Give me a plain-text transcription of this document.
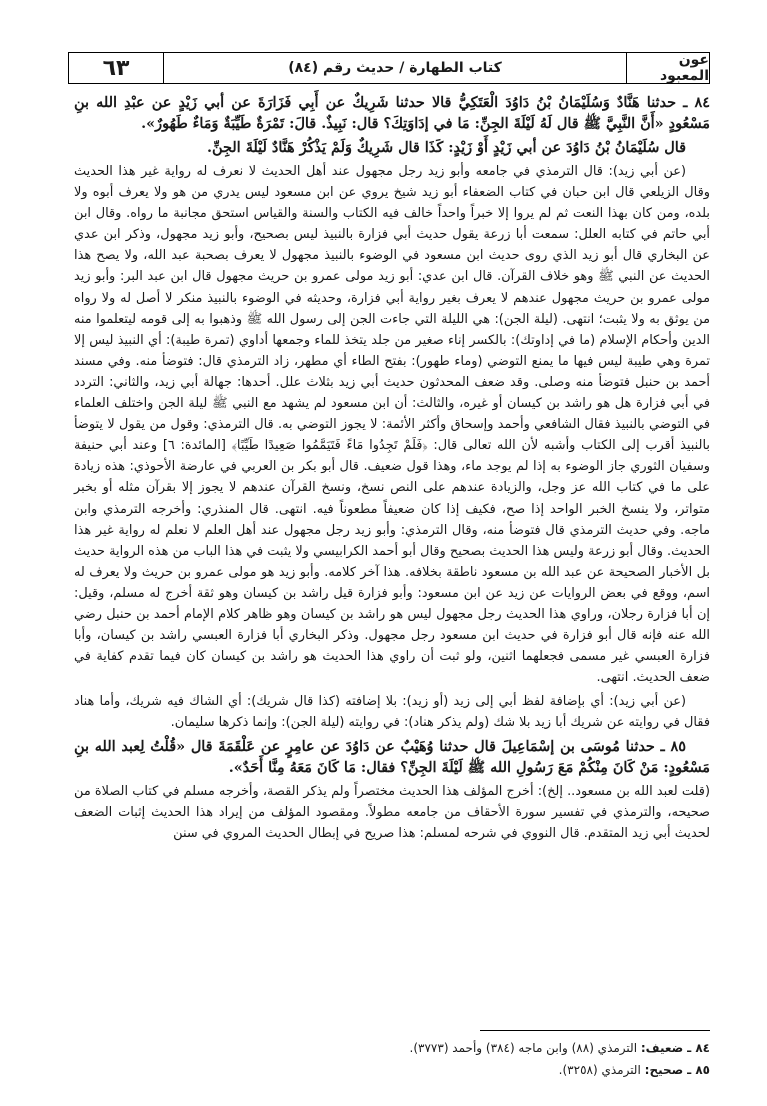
عون المعبود
كتاب الطهارة / حديث رقم (٨٤)
٦٣

٨٤ ـ حدثنا هَنَّادٌ وَسُلَيْمَانُ بْنُ دَاوُدَ الْعَتَكِيُّ قالا حدثنا شَرِيكٌ عن أَبِي فَزَارَةَ عن أبي زَيْدٍ عن عبْدِ الله بنِ مَسْعُودٍ «أَنَّ النَّبِيَّ ﷺ قال لَهُ لَيْلَةَ الجِنِّ: مَا في إدَاوَتِكَ؟ قال: نَبِيذٌ. قالَ: تَمْرَةٌ طَيِّبَةٌ وَمَاءٌ طَهُورٌ».

قال سُلَيْمَانُ بْنُ دَاوُدَ عن أبي زَيْدٍ أَوْ زَيْدٍ: كَذَا قال شَرِيكٌ وَلَمْ يَذْكُرْ هَنَّادٌ لَيْلَةَ الجِنِّ.

(عن أبي زيد): قال الترمذي في جامعه وأبو زيد رجل مجهول عند أهل الحديث لا نعرف له رواية غير هذا الحديث وقال الزيلعي قال ابن حبان في كتاب الضعفاء أبو زيد شيخ يروي عن ابن مسعود ليس يدري من هو ولا يعرف أبوه ولا بلده، ومن كان بهذا النعت ثم لم يروا إلا خبراً واحداً خالف فيه الكتاب والسنة والقياس استحق مجانبة ما رواه. وقال ابن أبي حاتم في كتابه العلل: سمعت أبا زرعة يقول حديث أبي فزارة بالنبيذ ليس بصحيح، وأبو زيد مجهول، وذكر ابن عدي عن البخاري قال أبو زيد الذي روى حديث ابن مسعود في الوضوء بالنبيذ مجهول لا يعرف بصحبة عبد الله، ولا يصح هذا الحديث عن النبي ﷺ وهو خلاف القرآن. قال ابن عدي: أبو زيد مولى عمرو بن حريث مجهول قال ابن عبد البر: وأبو زيد مولى عمرو بن حريث مجهول عندهم لا يعرف بغير رواية أبي فزارة، وحديثه في الوضوء بالنبيذ منكر لا أصل له ولا رواه من يوثق به ولا يثبت؛ انتهى. (ليلة الجن): هي الليلة التي جاءت الجن إلى رسول الله ﷺ وذهبوا به إلى قومه ليتعلموا منه الدين وأحكام الإسلام (ما في إداوتك): بالكسر إناء صغير من جلد يتخذ للماء وجمعها أداوي (تمرة طيبة): أي النبيذ ليس إلا تمرة وهي طيبة ليس فيها ما يمنع التوضي (وماء طهور): بفتح الطاء أي مطهر، زاد الترمذي قال: فتوضأ منه. وفي مسند أحمد بن حنبل فتوضأ منه وصلى. وقد ضعف المحدثون حديث أبي زيد بثلاث علل. أحدها: جهالة أبي زيد، والثاني: التردد في أبي فزارة هل هو راشد بن كيسان أو غيره، والثالث: أن ابن مسعود لم يشهد مع النبي ﷺ ليلة الجن واختلف العلماء في التوضي بالنبيذ فقال الشافعي وأحمد وإسحاق وأكثر الأئمة: لا يجوز التوضي به. قال الترمذي: وقول من يقول لا يتوضأ بالنبيذ أقرب إلى الكتاب وأشبه لأن الله تعالى قال: ﴿فَلَمْ تَجِدُوا مَاءً فَتَيَمَّمُوا صَعِيدًا طَيِّبًا﴾ [المائدة: ٦] وعند أبي حنيفة وسفيان الثوري جاز الوضوء به إذا لم يوجد ماء، وهذا قول ضعيف. قال أبو بكر بن العربي في عارضة الأحوذي: هذه زيادة على ما في كتاب الله عز وجل، والزيادة عندهم على النص نسخ، ونسخ القرآن عندهم لا يجوز إلا بقرآن مثله أو بخبر متواتر، ولا ينسخ الخبر الواحد إذا صح، فكيف إذا كان ضعيفاً مطعوناً فيه. انتهى. قال المنذري: وأخرجه الترمذي وابن ماجه. وفي حديث الترمذي قال فتوضأ منه، وقال الترمذي: وأبو زيد رجل مجهول عند أهل العلم لا نعلم له رواية غير هذا الحديث. وقال أبو زرعة وليس هذا الحديث بصحيح وقال أبو أحمد الكرابيسي ولا يثبت في هذا الباب من هذه الرواية حديث بل الأخبار الصحيحة عن عبد الله بن مسعود ناطقة بخلافه. هذا آخر كلامه. وأبو زيد هو مولى عمرو بن حريث ولا يعرف له اسم، ووقع في بعض الروايات عن زيد عن ابن مسعود: وأبو فزارة قيل راشد بن كيسان وهو ثقة أخرج له مسلم، وقيل: إن أبا فزارة رجلان، وراوي هذا الحديث رجل مجهول ليس هو راشد بن كيسان وهو ظاهر كلام الإمام أحمد بن حنبل رضي الله عنه فإنه قال أبو فزارة في حديث ابن مسعود رجل مجهول. وذكر البخاري أبا فزارة العبسي راشد بن كيسان، وأبا فزارة العبسي غير مسمى فجعلهما اثنين، ولو ثبت أن راوي هذا الحديث هو راشد بن كيسان كان فيما تقدم كفاية في ضعف الحديث. انتهى.

(عن أبي زيد): أي بإضافة لفظ أبي إلى زيد (أو زيد): بلا إضافته (كذا قال شريك): أي الشاك فيه شريك، وأما هناد فقال في روايته عن شريك أبا زيد بلا شك (ولم يذكر هناد): في روايته (ليلة الجن): وإنما ذكرها سليمان.

٨٥ ـ حدثنا مُوسَى بن إسْمَاعِيلَ قال حدثنا وُهَيْبٌ عن دَاوُدَ عن عامِرٍ عن عَلْقَمَةَ قال «قُلْتُ لِعبد الله بنِ مَسْعُودٍ: مَنْ كَانَ مِنْكُمْ مَعَ رَسُولِ الله ﷺ لَيْلَةَ الجِنِّ؟ فقال: مَا كَانَ مَعَهُ مِنَّا أَحَدٌ».

(قلت لعبد الله بن مسعود.. إلخ): أخرج المؤلف هذا الحديث مختصراً ولم يذكر القصة، وأخرجه مسلم في كتاب الصلاة من صحيحه، والترمذي في تفسير سورة الأحقاف من جامعه مطولاً. ومقصود المؤلف من إيراد هذا الحديث إثبات الضعف لحديث أبي زيد المتقدم. قال النووي في شرحه لمسلم: هذا صريح في إبطال الحديث المروي في سنن

٨٤ ـ ضعيف: الترمذي (٨٨) وابن ماجه (٣٨٤) وأحمد (٣٧٧٣).
٨٥ ـ صحيح: الترمذي (٣٢٥٨).
